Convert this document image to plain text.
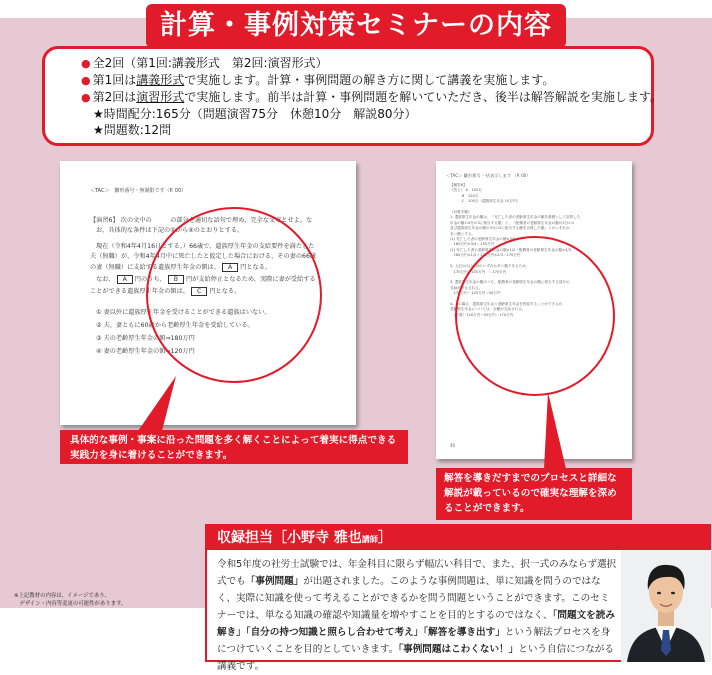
計算・事例対策セミナーの内容
● 全2回（第1回:講義形式　第2回:演習形式）
● 第1回は講義形式で実施します。計算・事例問題の解き方に関して講義を実施します。
● 第2回は演習形式で実施します。前半は計算・事例問題を解いていただき、後半は解答解説を実施します。
★時間配分:165分（問題演習75分　休憩10分　解説80分）
★問題数:12問
＜TAC＞　雛形番号・無制限です（P. 00）
【演習6】 次の文中の　　　の部分を適切な語句で埋め、完全な文章とせよ。な
お、具体的な条件は下記の①から④のとおりとする。
現在（令和4年4月16日とする。）66歳で、遺族厚生年金の支給要件を満たした
夫（無職）が、令和4年4月中に死亡したと仮定した場合における、その妻の66歳
の妻（無職）に支給する遺族厚生年金の額は、 A 円となる。
なお、 A 円のうち、 B 円が支給停止となるため、実際に妻が受給する
ことができる遺族厚生年金の額は、 C 円となる。
① 妻以外に遺族厚生年金を受けることができる遺族はいない。
② 夫、妻ともに60歳から老齢厚生年金を受給している。
③ 夫の老齢厚生年金の額⇒180万円
④ 妻の老齢厚生年金の額⇒120万円
＜TAC＞ 雛形番号 一括表示します （P. 00）
【解答6】
《答え》 A　100万
　　　 B　120万
　　　 C　100万（遺族厚生年金 10万円）

《計算手順》
1. 遺族厚生年金の額は、「死亡した者の老齢厚生年金の額を基礎として計算した
年金の額の4分の3に相当する額」と、「配偶者の老齢厚生年金の額の2分の1
及び遺族厚生年金の額の3分の2に相当する額を合算した額」とのいずれか
多い額とする。
(1) 死亡した者の老齢厚生年金の額×3/4
　180万円×3/4＝135万円
(2) 死亡した者の老齢厚生年金の額×1/2＋配偶者の老齢厚生年金の額×2/3
　180万円×1/2＋120万円×2/3＝170万円

2. 上記の(1)と(2)のいずれか多い額であるため、
　170万円＞135万円　∴ 170万円

3. 遺族厚生年金の額のうち、配偶者の老齢厚生年金の額に相当する部分の
支給が停止される。
　170万円－120万円＝50万円

4. この場合、遺族厚生年金と老齢厚生年金を併給することができるが、
老齢厚生年金については、全額が支給される。
　（計算）120万円＋50万円＝170万円
40
具体的な事例・事案に沿った問題を多く解くことによって着実に得点できる実践力を身に着けることができます。
解答を導きだすまでのプロセスと詳細な解説が載っているので確実な理解を深めることができます。
※上記教材の内容は、イメージであり、
　デザイン・内容等変更の可能性があります。
収録担当［小野寺 雅也講師］
令和5年度の社労士試験では、年金科目に限らず幅広い科目で、また、択一式のみならず選択式でも「事例問題」が出題されました。このような事例問題は、単に知識を問うのではなく、実際に知識を使って考えることができるかを問う問題ということができます。このセミナーでは、単なる知識の確認や知識量を増やすことを目的とするのではなく、「問題文を読み解き」「自分の持つ知識と照らし合わせて考え」「解答を導き出す」という解法プロセスを身につけていくことを目的としていきます。「事例問題はこわくない！」という自信につながる講義です。
